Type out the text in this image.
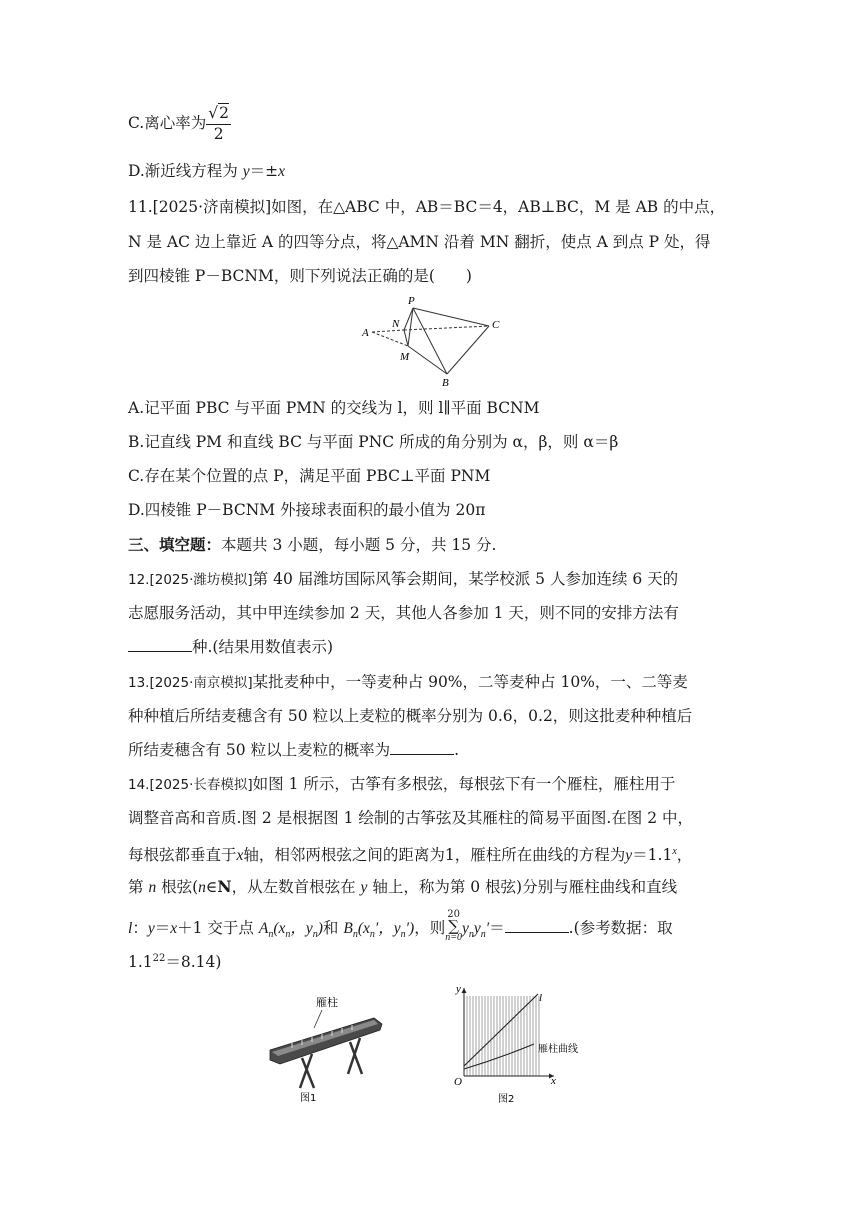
C.离心率为 $\frac{√2}{2}$
D.渐近线方程为 y＝±x
11.[2025·济南模拟]如图，在△ABC 中，AB＝BC＝4，AB⊥BC，M 是 AB 的中点，
N 是 AC 边上靠近 A 的四等分点，将△AMN 沿着 MN 翻折，使点 A 到点 P 处，得
到四棱锥 P－BCNM，则下列说法正确的是(　　)
P
N
A
C
M
B
A.记平面 PBC 与平面 PMN 的交线为 l，则 l∥平面 BCNM
B.记直线 PM 和直线 BC 与平面 PNC 所成的角分别为 α，β，则 α＝β
C.存在某个位置的点 P，满足平面 PBC⊥平面 PNM
D.四棱锥 P－BCNM 外接球表面积的最小值为 20π
三、填空题：本题共 3 小题，每小题 5 分，共 15 分.
12.[2025·潍坊模拟]第 40 届潍坊国际风筝会期间，某学校派 5 人参加连续 6 天的
志愿服务活动，其中甲连续参加 2 天，其他人各参加 1 天，则不同的安排方法有
种.(结果用数值表示)
13.[2025·南京模拟]某批麦种中，一等麦种占 90%，二等麦种占 10%，一、二等麦
种种植后所结麦穗含有 50 粒以上麦粒的概率分别为 0.6，0.2，则这批麦种种植后
所结麦穗含有 50 粒以上麦粒的概率为	.
14.[2025·长春模拟]如图 1 所示，古筝有多根弦，每根弦下有一个雁柱，雁柱用于
调整音高和音质.图 2 是根据图 1 绘制的古筝弦及其雁柱的简易平面图.在图 2 中，
每根弦都垂直于x轴，相邻两根弦之间的距离为1，雁柱所在曲线的方程为$y=1.1^x$，
第 n 根弦(n∈N，从左数首根弦在 y 轴上，称为第 0 根弦)分别与雁柱曲线和直线
l：y＝x＋1 交于点 $A_n(x_n$，$y_n$)和 $B_n(x_n'$，$y_n'$)，则20
∑
$n=0y_ny_n'=$	.(参考数据：取
$1.1^{22}=8.14$)
雁柱
图1
y
x
O
l
雁柱曲线
图2
